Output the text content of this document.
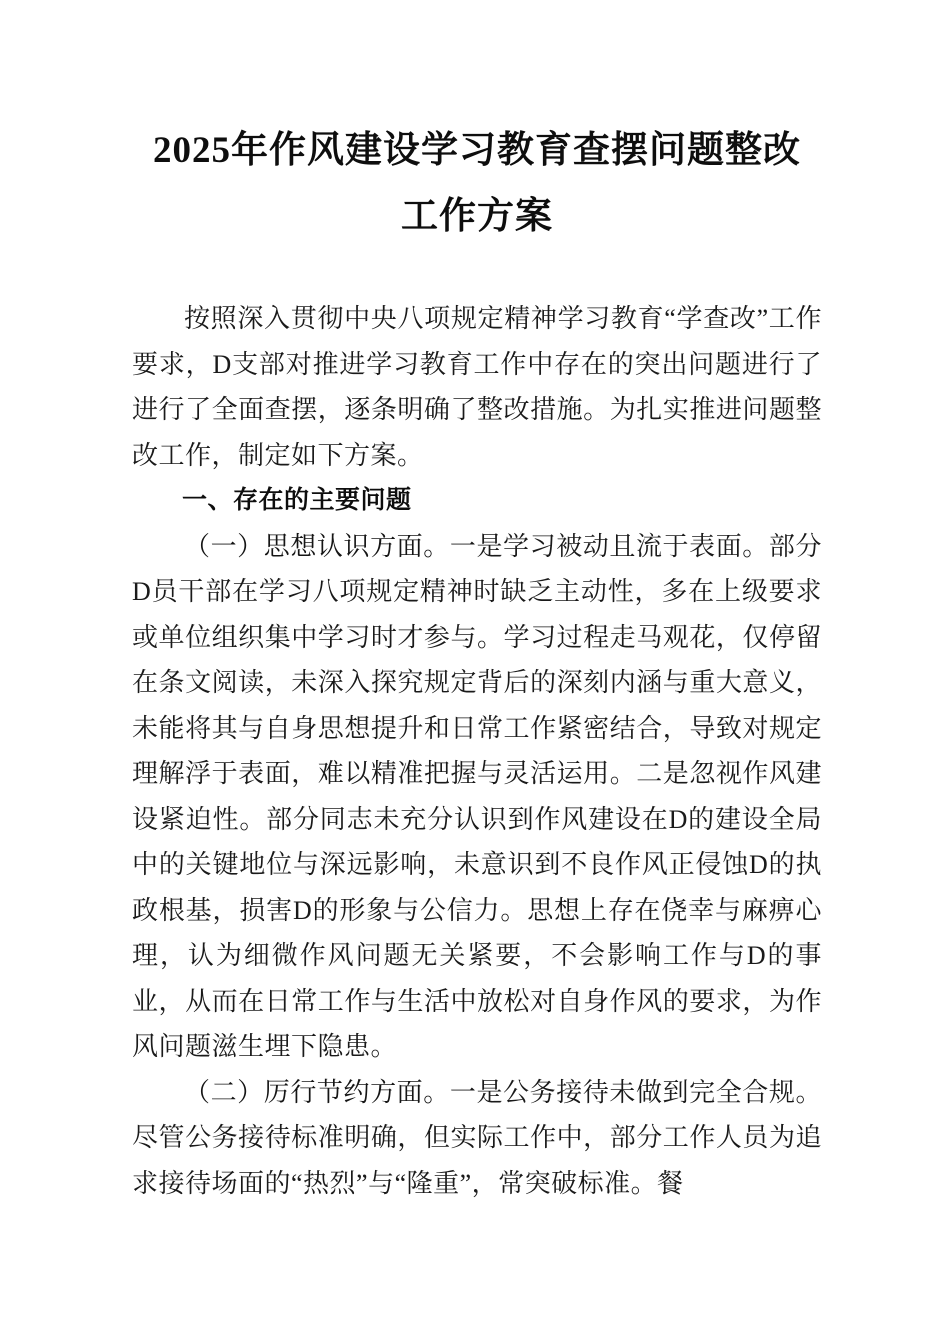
2025年作风建设学习教育查摆问题整改工作方案

按照深入贯彻中央八项规定精神学习教育“学查改”工作要求，D支部对推进学习教育工作中存在的突出问题进行了进行了全面查摆，逐条明确了整改措施。为扎实推进问题整改工作，制定如下方案。

一、存在的主要问题

（一）思想认识方面。一是学习被动且流于表面。部分D员干部在学习八项规定精神时缺乏主动性，多在上级要求或单位组织集中学习时才参与。学习过程走马观花，仅停留在条文阅读，未深入探究规定背后的深刻内涵与重大意义，未能将其与自身思想提升和日常工作紧密结合，导致对规定理解浮于表面，难以精准把握与灵活运用。二是忽视作风建设紧迫性。部分同志未充分认识到作风建设在D的建设全局中的关键地位与深远影响，未意识到不良作风正侵蚀D的执政根基，损害D的形象与公信力。思想上存在侥幸与麻痹心理，认为细微作风问题无关紧要，不会影响工作与D的事业，从而在日常工作与生活中放松对自身作风的要求，为作风问题滋生埋下隐患。

（二）厉行节约方面。一是公务接待未做到完全合规。尽管公务接待标准明确，但实际工作中，部分工作人员为追求接待场面的“热烈”与“隆重”，常突破标准。餐
